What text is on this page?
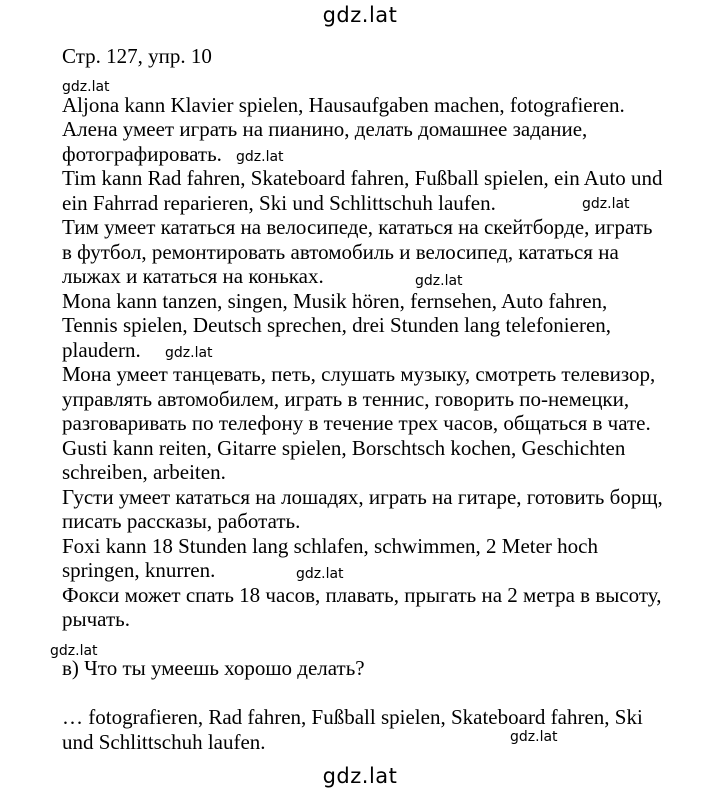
gdz.lat

Стр. 127, упр. 10

Aljona kann Klavier spielen, Hausaufgaben machen, fotografieren.

Алена умеет играть на пианино, делать домашнее задание,

фотографировать.

Tim kann Rad fahren, Skateboard fahren, Fußball spielen, ein Auto und

ein Fahrrad reparieren, Ski und Schlittschuh laufen.

Тим умеет кататься на велосипеде, кататься на скейтборде, играть

в футбол, ремонтировать автомобиль и велосипед, кататься на

лыжах и кататься на коньках.

Mona kann tanzen, singen, Musik hören, fernsehen, Auto fahren,

Tennis spielen, Deutsch sprechen, drei Stunden lang telefonieren,

plaudern.

Мона умеет танцевать, петь, слушать музыку, смотреть телевизор,

управлять автомобилем, играть в теннис, говорить по-немецки,

разговаривать по телефону в течение трех часов, общаться в чате.

Gusti kann reiten, Gitarre spielen, Borschtsch kochen, Geschichten

schreiben, arbeiten.

Густи умеет кататься на лошадях, играть на гитаре, готовить борщ,

писать рассказы, работать.

Foxi kann 18 Stunden lang schlafen, schwimmen, 2 Meter hoch

springen, knurren.

Фокси может спать 18 часов, плавать, прыгать на 2 метра в высоту,

рычать.

в) Что ты умеешь хорошо делать?

… fotografieren, Rad fahren, Fußball spielen, Skateboard fahren, Ski

und Schlittschuh laufen.

gdz.lat
gdz.lat
gdz.lat
gdz.lat
gdz.lat
gdz.lat
gdz.lat
gdz.lat
gdz.lat
